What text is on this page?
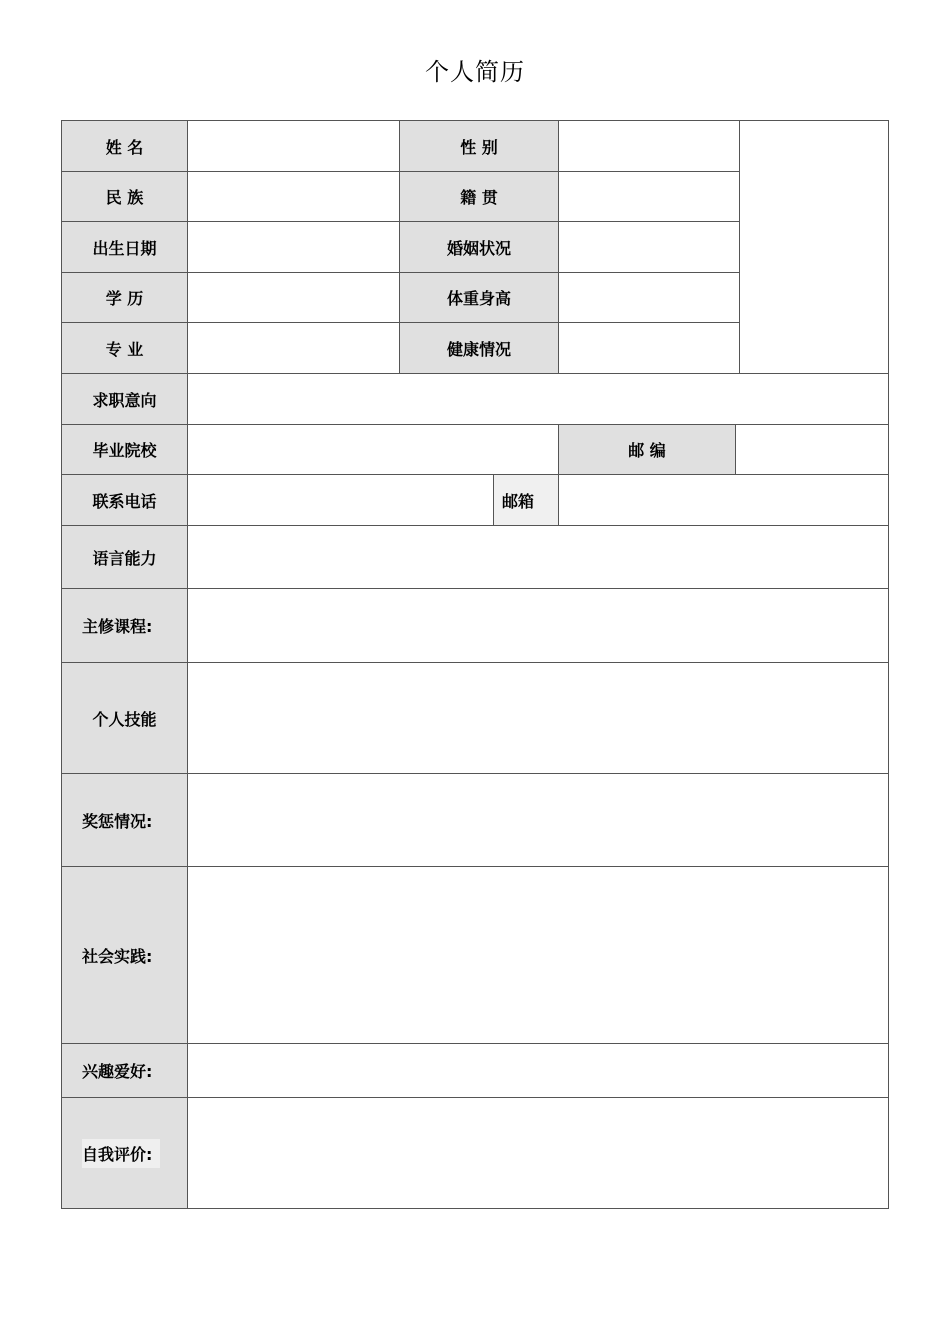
个人简历
姓 名	性 别
民 族	籍 贯
出生日期	婚姻状况
学 历	体重身高
专 业	健康情况
求职意向
毕业院校	邮 编
联系电话	邮箱
语言能力
主修课程:
个人技能
奖惩情况:
社会实践:
兴趣爱好:
自我评价:
